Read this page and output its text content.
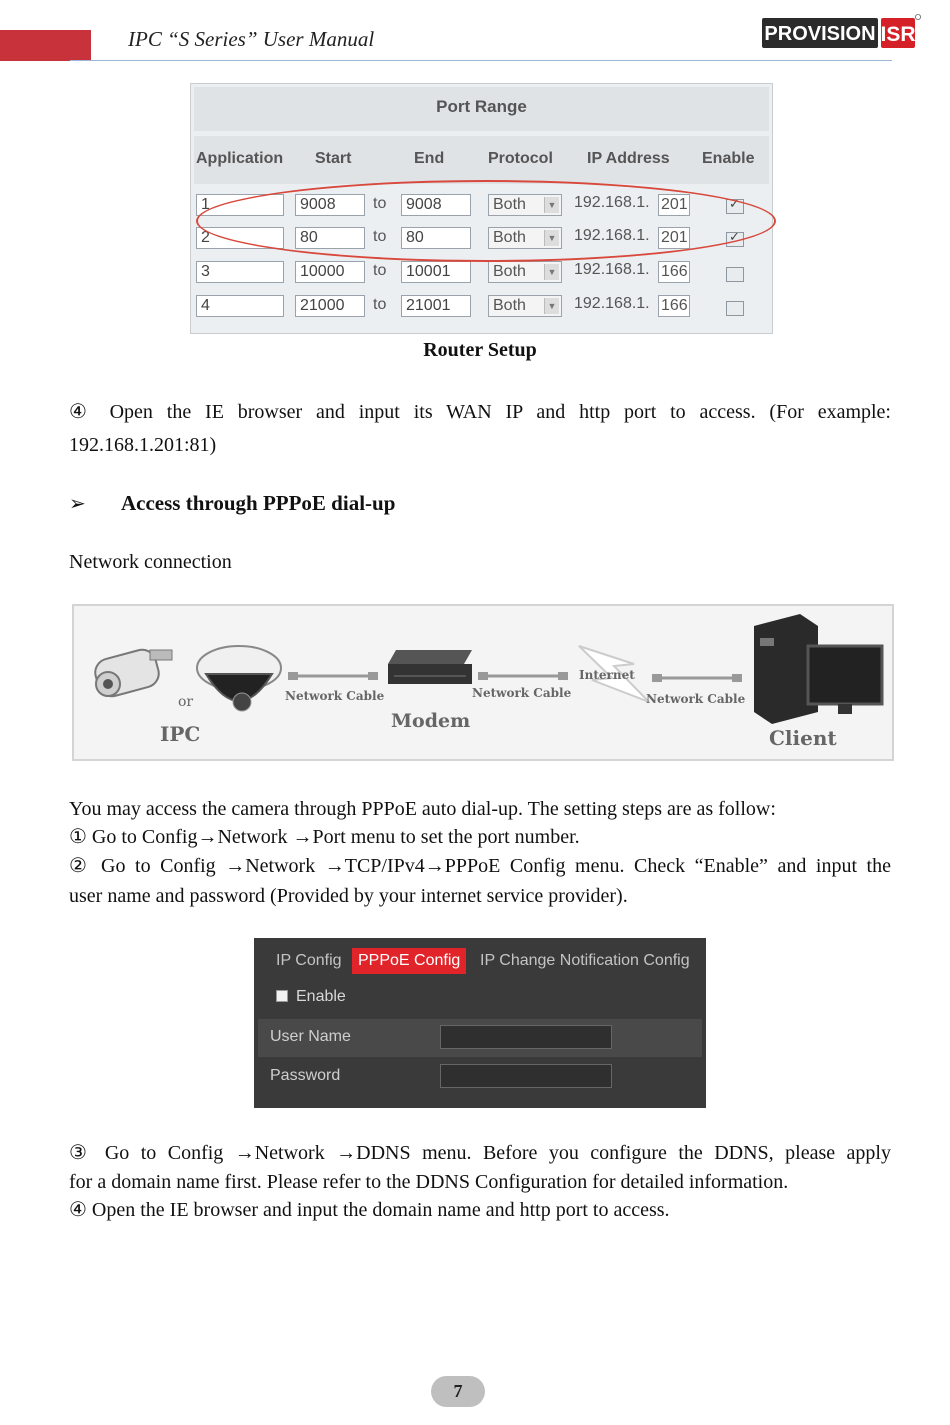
IPC “S Series” User Manual	PROVISION ISR
Port Range
Application Start	End	Protocol IP Address Enable
1	9008	to	9008	Both	▼ 192.168.1. 201	✓
2	80	to	80	Both	▼ 192.168.1. 201	✓
3	10000	to	10001	Both	▼ 192.168.1. 166
4	21000	to	21001	Both	▼ 192.168.1. 166
Router Setup
④ Open the IE browser and input its WAN IP and http port to access. (For example:
192.168.1.201:81)
➢ Access through PPPoE dial-up
Network connection
or
IPC
Network Cable
Modem
Network Cable
Internet
Network Cable
Client
You may access the camera through PPPoE auto dial-up. The setting steps are as follow:
① Go to Config→Network →Port menu to set the port number.
② Go to Config →Network →TCP/IPv4→PPPoE Config menu. Check “Enable” and input the
user name and password (Provided by your internet service provider).
IP Config	PPPoE Config	IP Change Notification Config
Enable
User Name
Password
③ Go to Config →Network →DDNS menu. Before you configure the DDNS, please apply
for a domain name first. Please refer to the DDNS Configuration for detailed information.
④ Open the IE browser and input the domain name and http port to access.
7
